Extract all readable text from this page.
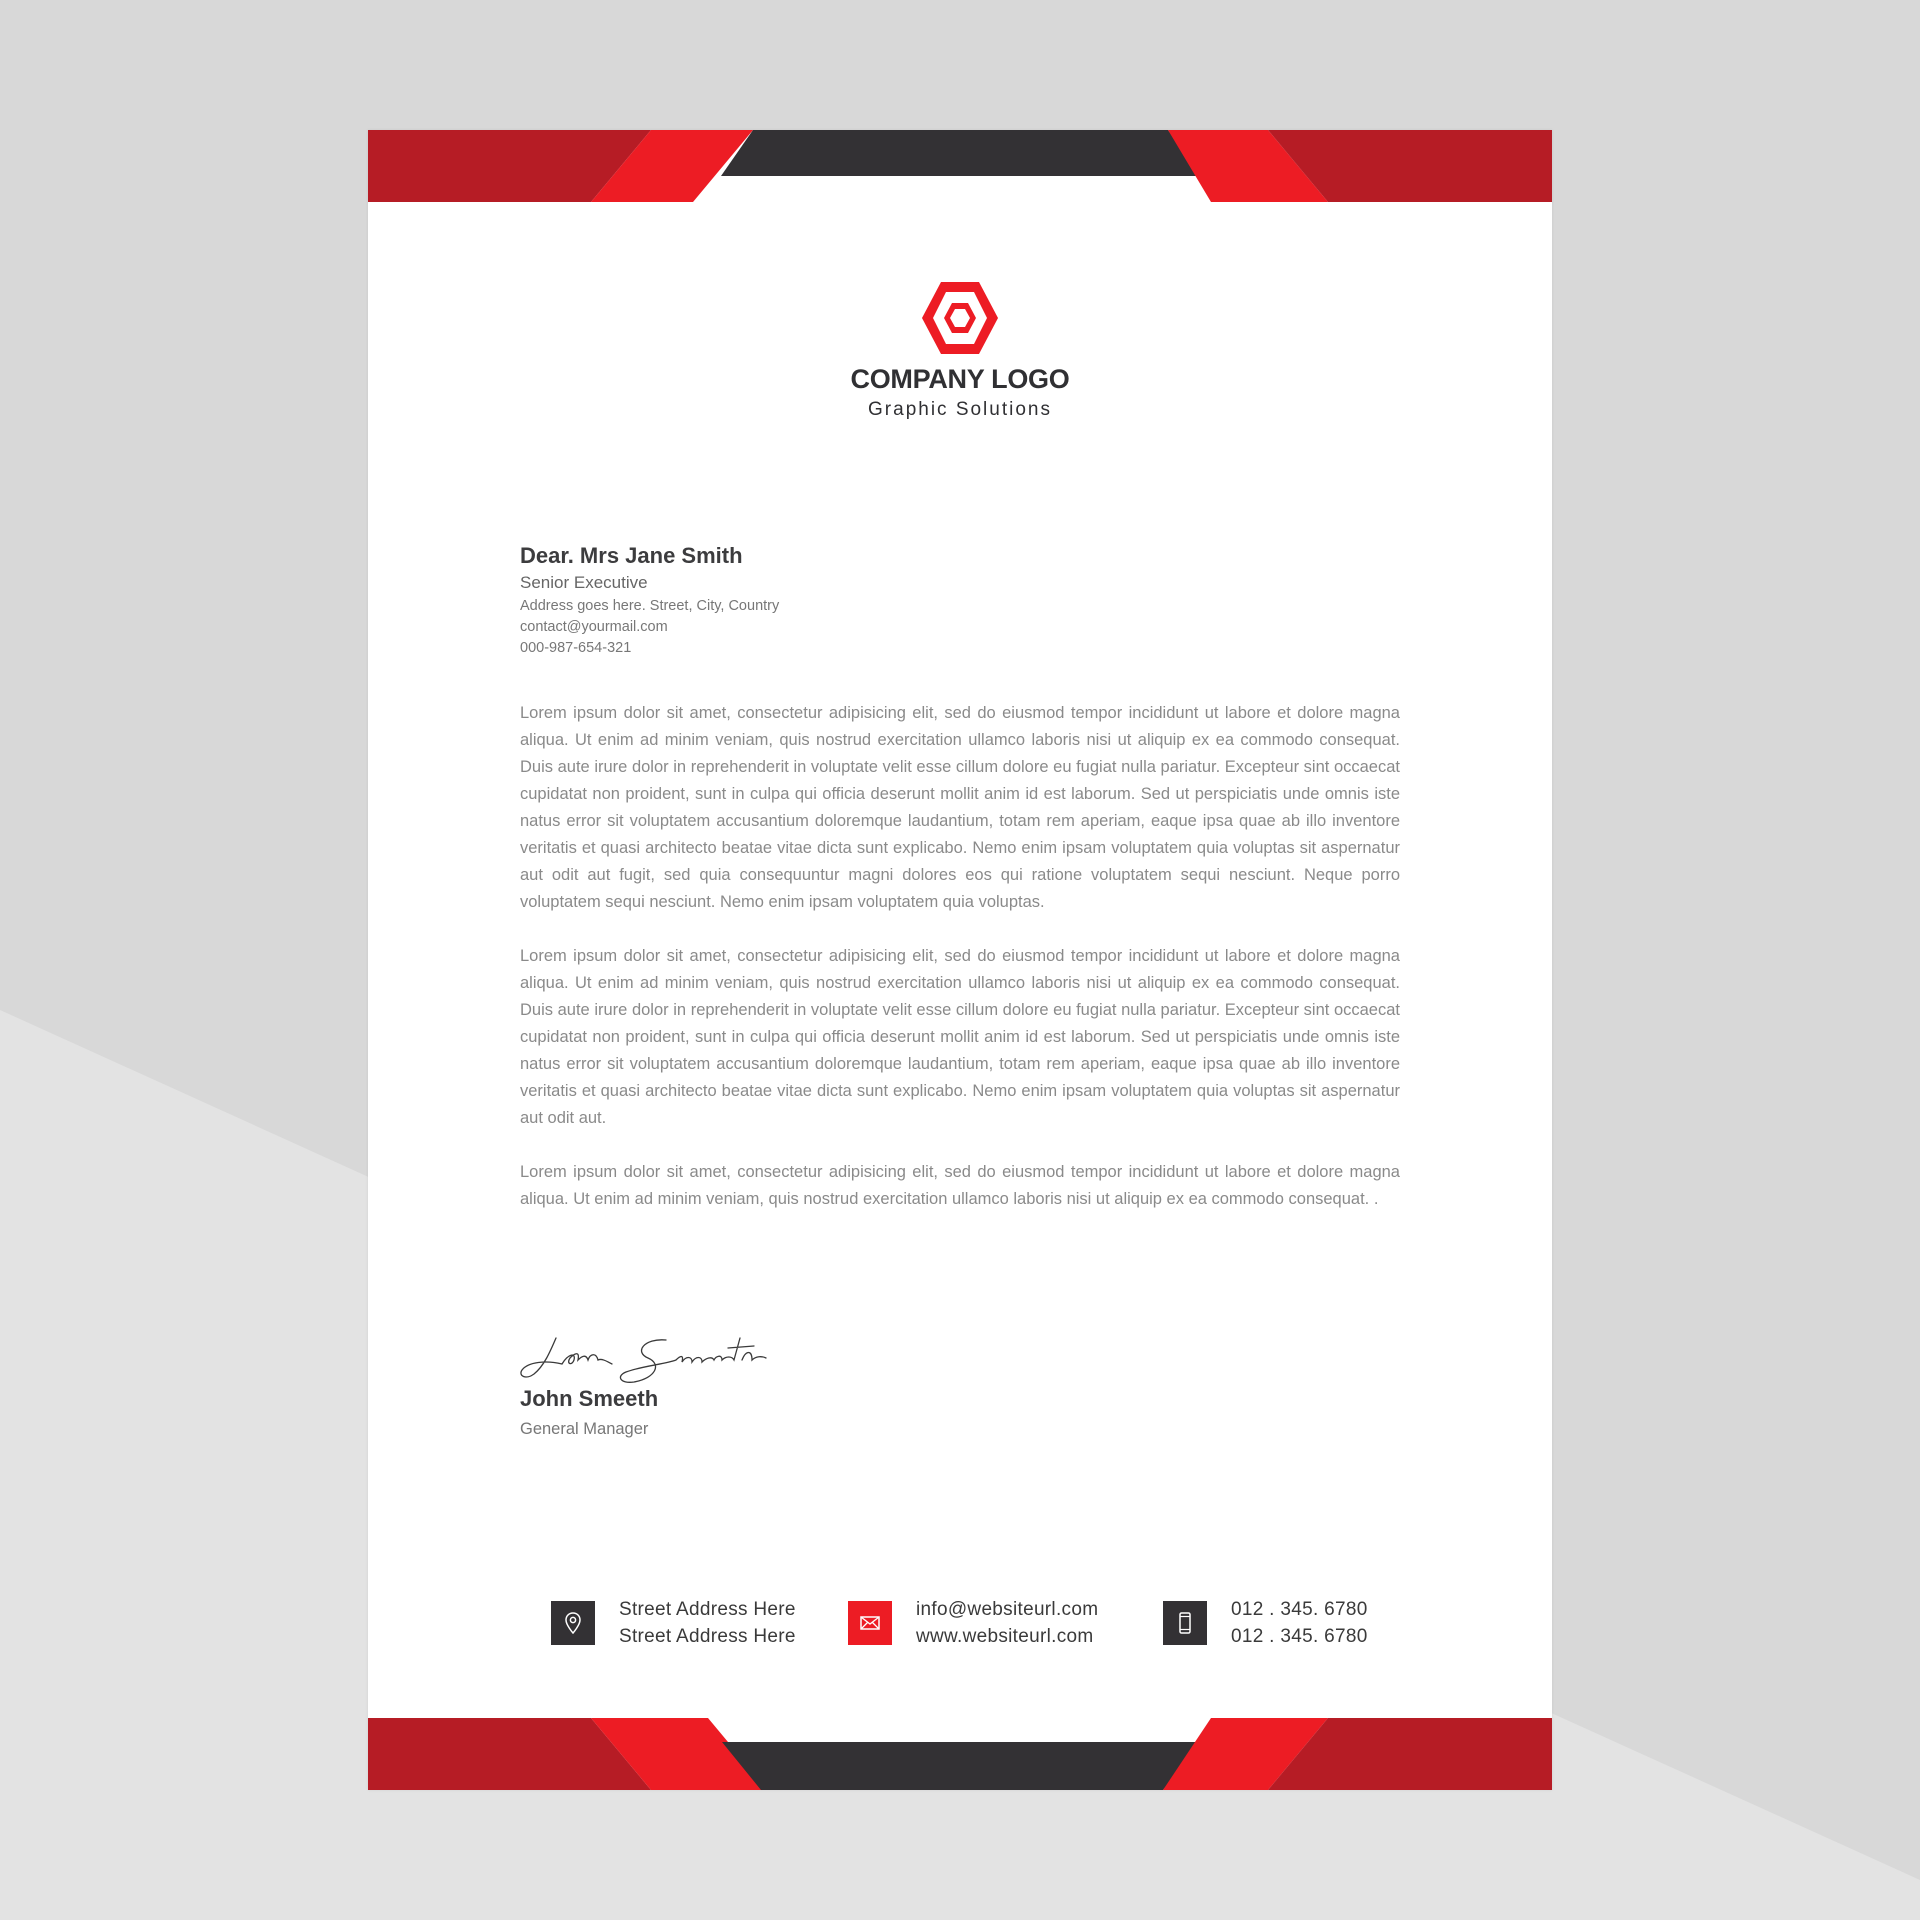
COMPANY LOGO
Graphic Solutions
Dear. Mrs Jane Smith
Senior Executive
Address goes here. Street, City, Country
contact@yourmail.com
000-987-654-321

Lorem ipsum dolor sit amet, consectetur adipisicing elit, sed do eiusmod tempor incididunt ut labore et dolore magna aliqua. Ut enim ad minim veniam, quis nostrud exercitation ullamco laboris nisi ut aliquip ex ea commodo consequat. Duis aute irure dolor in reprehenderit in voluptate velit esse cillum dolore eu fugiat nulla pariatur. Excepteur sint occaecat cupidatat non proident, sunt in culpa qui officia deserunt mollit anim id est laborum. Sed ut perspiciatis unde omnis iste natus error sit voluptatem accusantium doloremque laudantium, totam rem aperiam, eaque ipsa quae ab illo inventore veritatis et quasi architecto beatae vitae dicta sunt explicabo. Nemo enim ipsam voluptatem quia voluptas sit aspernatur aut odit aut fugit, sed quia consequuntur magni dolores eos qui ratione voluptatem sequi nesciunt. Neque porro voluptatem sequi nesciunt. Nemo enim ipsam voluptatem quia voluptas.

Lorem ipsum dolor sit amet, consectetur adipisicing elit, sed do eiusmod tempor incididunt ut labore et dolore magna aliqua. Ut enim ad minim veniam, quis nostrud exercitation ullamco laboris nisi ut aliquip ex ea commodo consequat. Duis aute irure dolor in reprehenderit in voluptate velit esse cillum dolore eu fugiat nulla pariatur. Excepteur sint occaecat cupidatat non proident, sunt in culpa qui officia deserunt mollit anim id est laborum. Sed ut perspiciatis unde omnis iste natus error sit voluptatem accusantium doloremque laudantium, totam rem aperiam, eaque ipsa quae ab illo inventore veritatis et quasi architecto beatae vitae dicta sunt explicabo. Nemo enim ipsam voluptatem quia voluptas sit aspernatur aut odit aut.

Lorem ipsum dolor sit amet, consectetur adipisicing elit, sed do eiusmod tempor incididunt ut labore et dolore magna aliqua. Ut enim ad minim veniam, quis nostrud exercitation ullamco laboris nisi ut aliquip ex ea commodo consequat. .

John Smeeth
General Manager
Street Address Here
Street Address Here
info@websiteurl.com
www.websiteurl.com
012 . 345. 6780
012 . 345. 6780
